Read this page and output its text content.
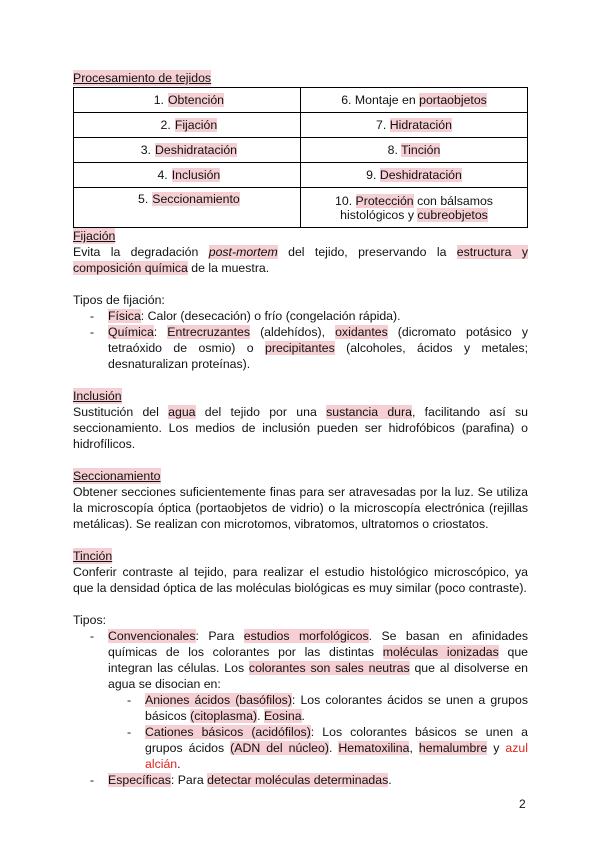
Procesamiento de tejidos
1. Obtención	6. Montaje en portaobjetos
2. Fijación	7. Hidratación
3. Deshidratación	8. Tinción
4. Inclusión	9. Deshidratación
5. Seccionamiento	10. Protección con bálsamos
histológicos y cubreobjetos
Fijación

Evita la degradación post-mortem del tejido, preservando la estructura y composición química de la muestra.

Tipos de fijación:

- Física: Calor (desecación) o frío (congelación rápida).
- Química: Entrecruzantes (aldehídos), oxidantes (dicromato potásico y tetraóxido de osmio) o precipitantes (alcoholes, ácidos y metales; desnaturalizan proteínas).
Inclusión

Sustitución del agua del tejido por una sustancia dura, facilitando así su seccionamiento. Los medios de inclusión pueden ser hidrofóbicos (parafina) o hidrofílicos.

Seccionamiento

Obtener secciones suficientemente finas para ser atravesadas por la luz. Se utiliza la microscopía óptica (portaobjetos de vidrio) o la microscopía electrónica (rejillas metálicas). Se realizan con microtomos, vibratomos, ultratomos o criostatos.

Tinción

Conferir contraste al tejido, para realizar el estudio histológico microscópico, ya que la densidad óptica de las moléculas biológicas es muy similar (poco contraste).

Tipos:

- Convencionales: Para estudios morfológicos. Se basan en afinidades químicas de los colorantes por las distintas moléculas ionizadas que integran las células. Los colorantes son sales neutras que al disolverse en agua se disocian en:
- Aniones ácidos (basófilos): Los colorantes ácidos se unen a grupos básicos (citoplasma). Eosina.
- Cationes básicos (acidófilos): Los colorantes básicos se unen a grupos ácidos (ADN del núcleo). Hematoxilina, hemalumbre y azul alcián.
- Específicas: Para detectar moléculas determinadas.
2
